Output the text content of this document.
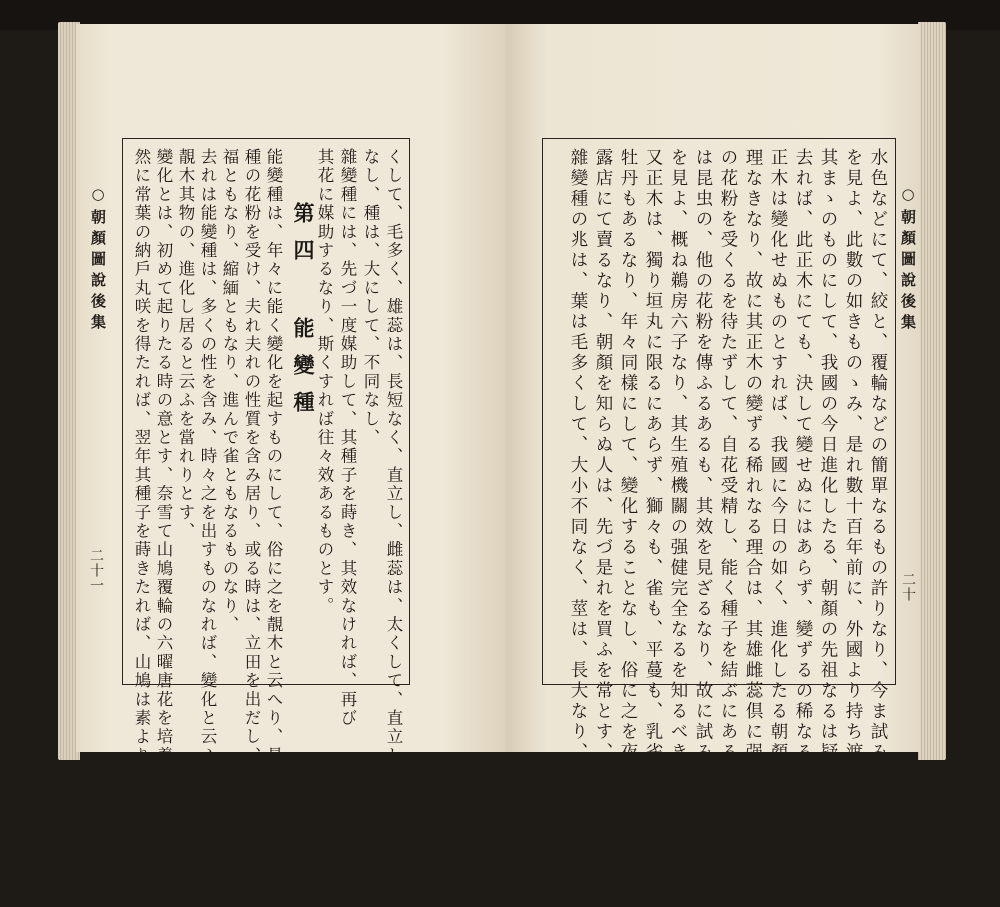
○朝顏圖說後集
二十一
第四 能變種	○朝顏圖說後集
二十
水色などにて、絞と、覆輪などの簡單なるもの許りなり、今ま試みに田家の垣丸
を見よ、此數の如きものゝみ、是れ數十百年前に、外國より持ち渡りたる、朝顏
其まゝのものにして、我國の今日進化したる、朝顏の先祖なるは疑ひなきなり、
去れば、此正木にても、決して變せぬにはあらず、變ずるの稀なるものなり、若し
正木は變化せぬものとすれば、我國に今日の如く、進化したる朝顏のあるべき道
理なきなり、故に其正木の變ずる稀れなる理合は、其雄雌蕊倶に强健にして、他
の花粉を受くるを待たずして、自花受精し、能く種子を結ぶにあるなり、故に或
は昆虫の、他の花粉を傳ふるあるも、其效を見ざるなり、故に試みに垣丸の結實
を見よ、概ね鵜房六子なり、其生殖機關の强健完全なるを知るべきなり、
又正木は、獨り垣丸に限るにあらず、獅々も、雀も、平蔓も、乳雀も、柿子も、
牡丹もあるなり、年々同樣にして、變化することなし、俗に之を夜店物と云ひ、
露店にて賣るなり、朝顏を知らぬ人は、先づ是れを買ふを常とす、
雜變種の兆は、葉は毛多くして、大小不同なく、莖は、長大なり、蔓は、太く長
くして、毛多く、雄蕊は、長短なく、直立し、雌蕊は、太くして、直立し、屈曲
なし、種は、大にして、不同なし、
雜變種には、先づ一度媒助して、其種子を蒔き、其效なければ、再び
其花に媒助するなり、斯くすれば往々效あるものとす。
能變種は、年々に能く變化を起すものにして、俗に之を靚木と云へり、是れは諸
種の花粉を受け、夫れ夫れの性質を含み居り、或る時は、立田を出だし、又七
福ともなり、縮緬ともなり、進んで雀ともなるものなり、
去れは能變種は、多くの性を含み、時々之を出すものなれば、變化と云ふよりは
靚木其物の、進化し居ると云ふを當れりとす、
變化とは、初めて起りたる時の意とす、奈雪て山鳩覆輪の六曜唐花を培養し、偶
然に常葉の納戶丸咲を得たれば、翌年其種子を蒔きたれば、山鳩は素より、紅と
白と、納戶と、桑とを出し、絞より、覆輪より、又茶臺や、風鈿を出したり、
